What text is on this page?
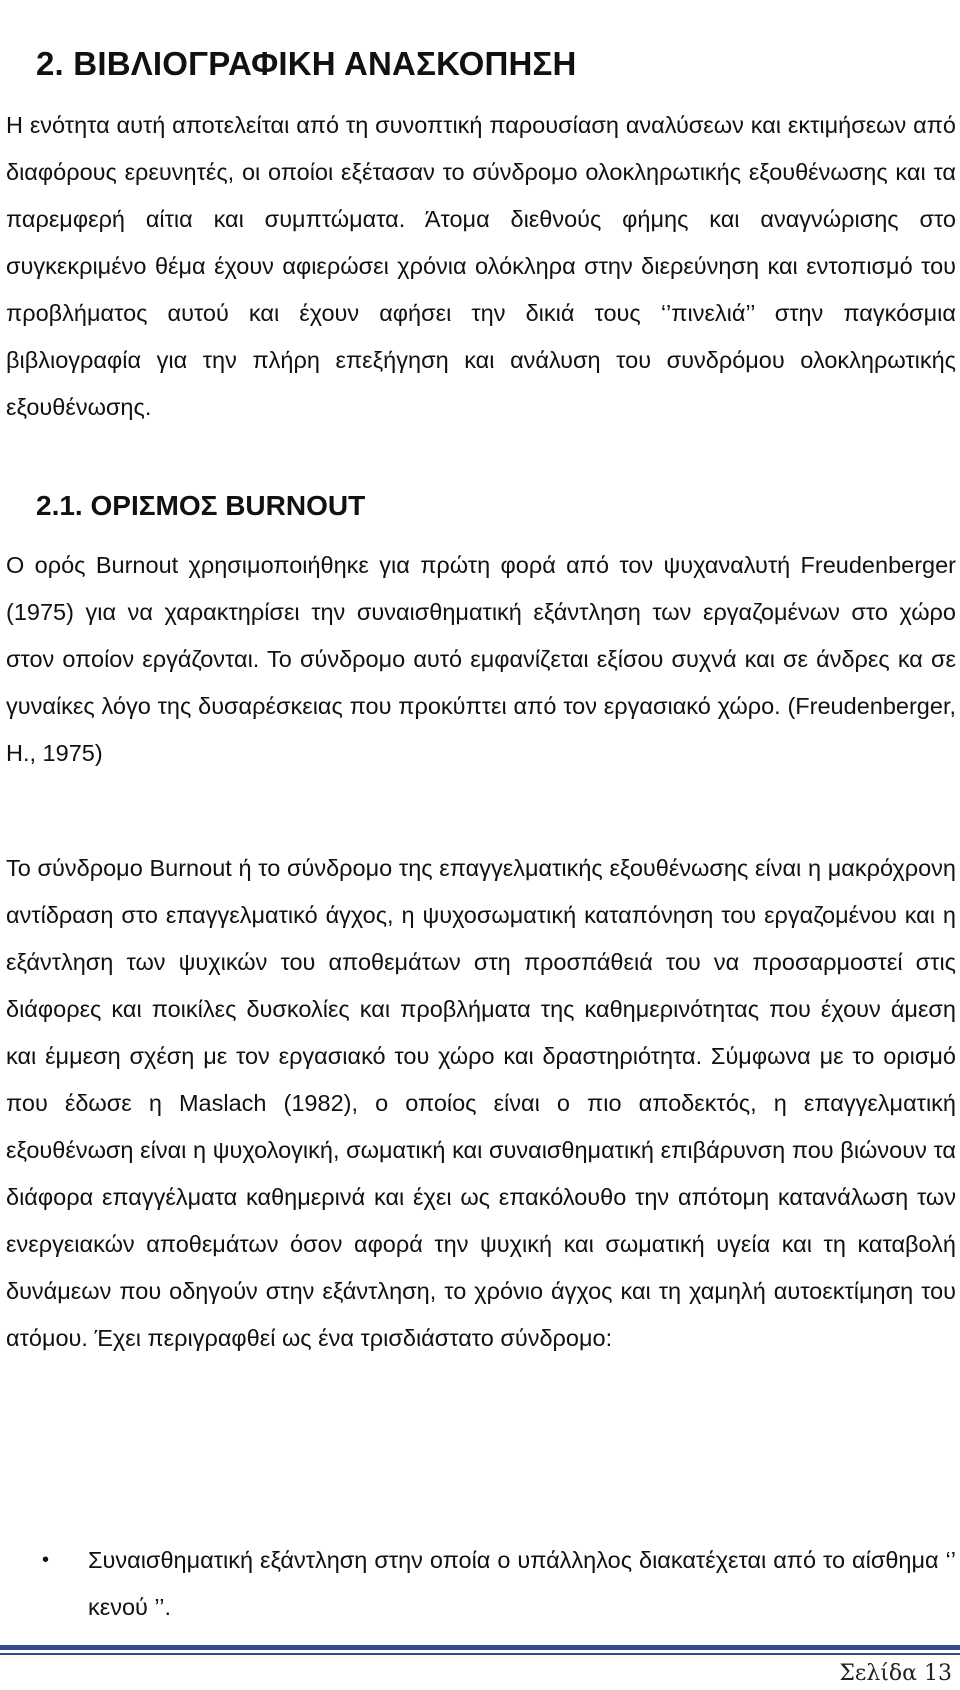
2. ΒΙΒΛΙΟΓΡΑΦΙΚΗ ΑΝΑΣΚΟΠΗΣΗ

Η ενότητα αυτή αποτελείται από τη συνοπτική παρουσίαση αναλύσεων και εκτιμήσεων από διαφόρους ερευνητές, οι οποίοι εξέτασαν το σύνδρομο ολοκληρωτικής εξουθένωσης και τα παρεμφερή αίτια και συμπτώματα. Άτομα διεθνούς φήμης και αναγνώρισης στο συγκεκριμένο θέμα έχουν αφιερώσει χρόνια ολόκληρα στην διερεύνηση και εντοπισμό του προβλήματος αυτού και έχουν αφήσει την δικιά τους ‘’πινελιά’’ στην παγκόσμια βιβλιογραφία για την πλήρη επεξήγηση και ανάλυση του συνδρόμου ολοκληρωτικής εξουθένωσης.

2.1. ΟΡΙΣΜΟΣ BURNOUT

Ο ορός Burnout χρησιμοποιήθηκε για πρώτη φορά από τον ψυχαναλυτή Freudenberger (1975) για να χαρακτηρίσει την συναισθηματική εξάντληση των εργαζομένων στο χώρο στον οποίον εργάζονται. Το σύνδρομο αυτό εμφανίζεται εξίσου συχνά και σε άνδρες κα σε γυναίκες λόγο της δυσαρέσκειας που προκύπτει από τον εργασιακό χώρο. (Freudenberger, H., 1975)

Το σύνδρομο Burnout ή το σύνδρομο της επαγγελματικής εξουθένωσης είναι η μακρόχρονη αντίδραση στο επαγγελματικό άγχος, η ψυχοσωματική καταπόνηση του εργαζομένου και η εξάντληση των ψυχικών του αποθεμάτων στη προσπάθειά του να προσαρμοστεί στις διάφορες και ποικίλες δυσκολίες και προβλήματα της καθημερινότητας που έχουν άμεση και έμμεση σχέση με τον εργασιακό του χώρο και δραστηριότητα. Σύμφωνα με το ορισμό που έδωσε η Maslach (1982), ο οποίος είναι ο πιο αποδεκτός, η επαγγελματική εξουθένωση είναι η ψυχολογική, σωματική και συναισθηματική επιβάρυνση που βιώνουν τα διάφορα επαγγέλματα καθημερινά και έχει ως επακόλουθο την απότομη κατανάλωση των ενεργειακών αποθεμάτων όσον αφορά την ψυχική και σωματική υγεία και τη καταβολή δυνάμεων που οδηγούν στην εξάντληση, το χρόνιο άγχος και τη χαμηλή αυτοεκτίμηση του ατόμου. Έχει περιγραφθεί ως ένα τρισδιάστατο σύνδρομο:

•	Συναισθηματική εξάντληση στην οποία ο υπάλληλος διακατέχεται από το αίσθημα ‘’ κενού ’’.
Σελίδα 13
